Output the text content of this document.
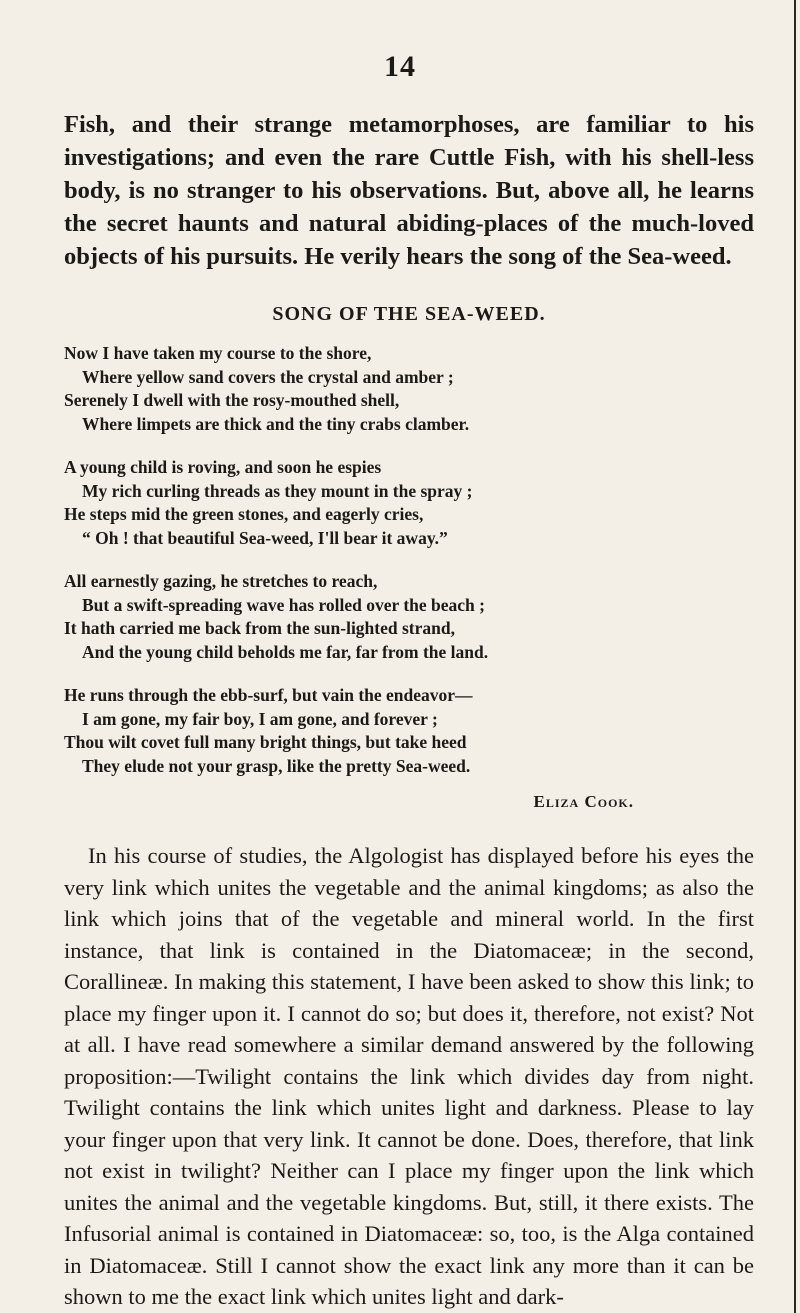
14

Fish, and their strange metamorphoses, are familiar to his investigations; and even the rare Cuttle Fish, with his shell-less body, is no stranger to his observations. But, above all, he learns the secret haunts and natural abiding-places of the much-loved objects of his pursuits. He verily hears the song of the Sea-weed.

SONG OF THE SEA-WEED.
Now I have taken my course to the shore,
Where yellow sand covers the crystal and amber ;
Serenely I dwell with the rosy-mouthed shell,
Where limpets are thick and the tiny crabs clamber.
A young child is roving, and soon he espies
My rich curling threads as they mount in the spray ;
He steps mid the green stones, and eagerly cries,
“ Oh ! that beautiful Sea-weed, I'll bear it away.”
All earnestly gazing, he stretches to reach,
But a swift-spreading wave has rolled over the beach ;
It hath carried me back from the sun-lighted strand,
And the young child beholds me far, far from the land.
He runs through the ebb-surf, but vain the endeavor—
I am gone, my fair boy, I am gone, and forever ;
Thou wilt covet full many bright things, but take heed
They elude not your grasp, like the pretty Sea-weed.
Eliza Cook.

In his course of studies, the Algologist has displayed before his eyes the very link which unites the vegetable and the animal kingdoms; as also the link which joins that of the vegetable and mineral world. In the first instance, that link is contained in the Diatomaceæ; in the second, Corallineæ. In making this statement, I have been asked to show this link; to place my finger upon it. I cannot do so; but does it, therefore, not exist? Not at all. I have read somewhere a similar demand answered by the following proposition:—Twilight contains the link which divides day from night. Twilight contains the link which unites light and darkness. Please to lay your finger upon that very link. It cannot be done. Does, therefore, that link not exist in twilight? Neither can I place my finger upon the link which unites the animal and the vegetable kingdoms. But, still, it there exists. The Infusorial animal is contained in Diatomaceæ: so, too, is the Alga contained in Diatomaceæ. Still I cannot show the exact link any more than it can be shown to me the exact link which unites light and dark-
